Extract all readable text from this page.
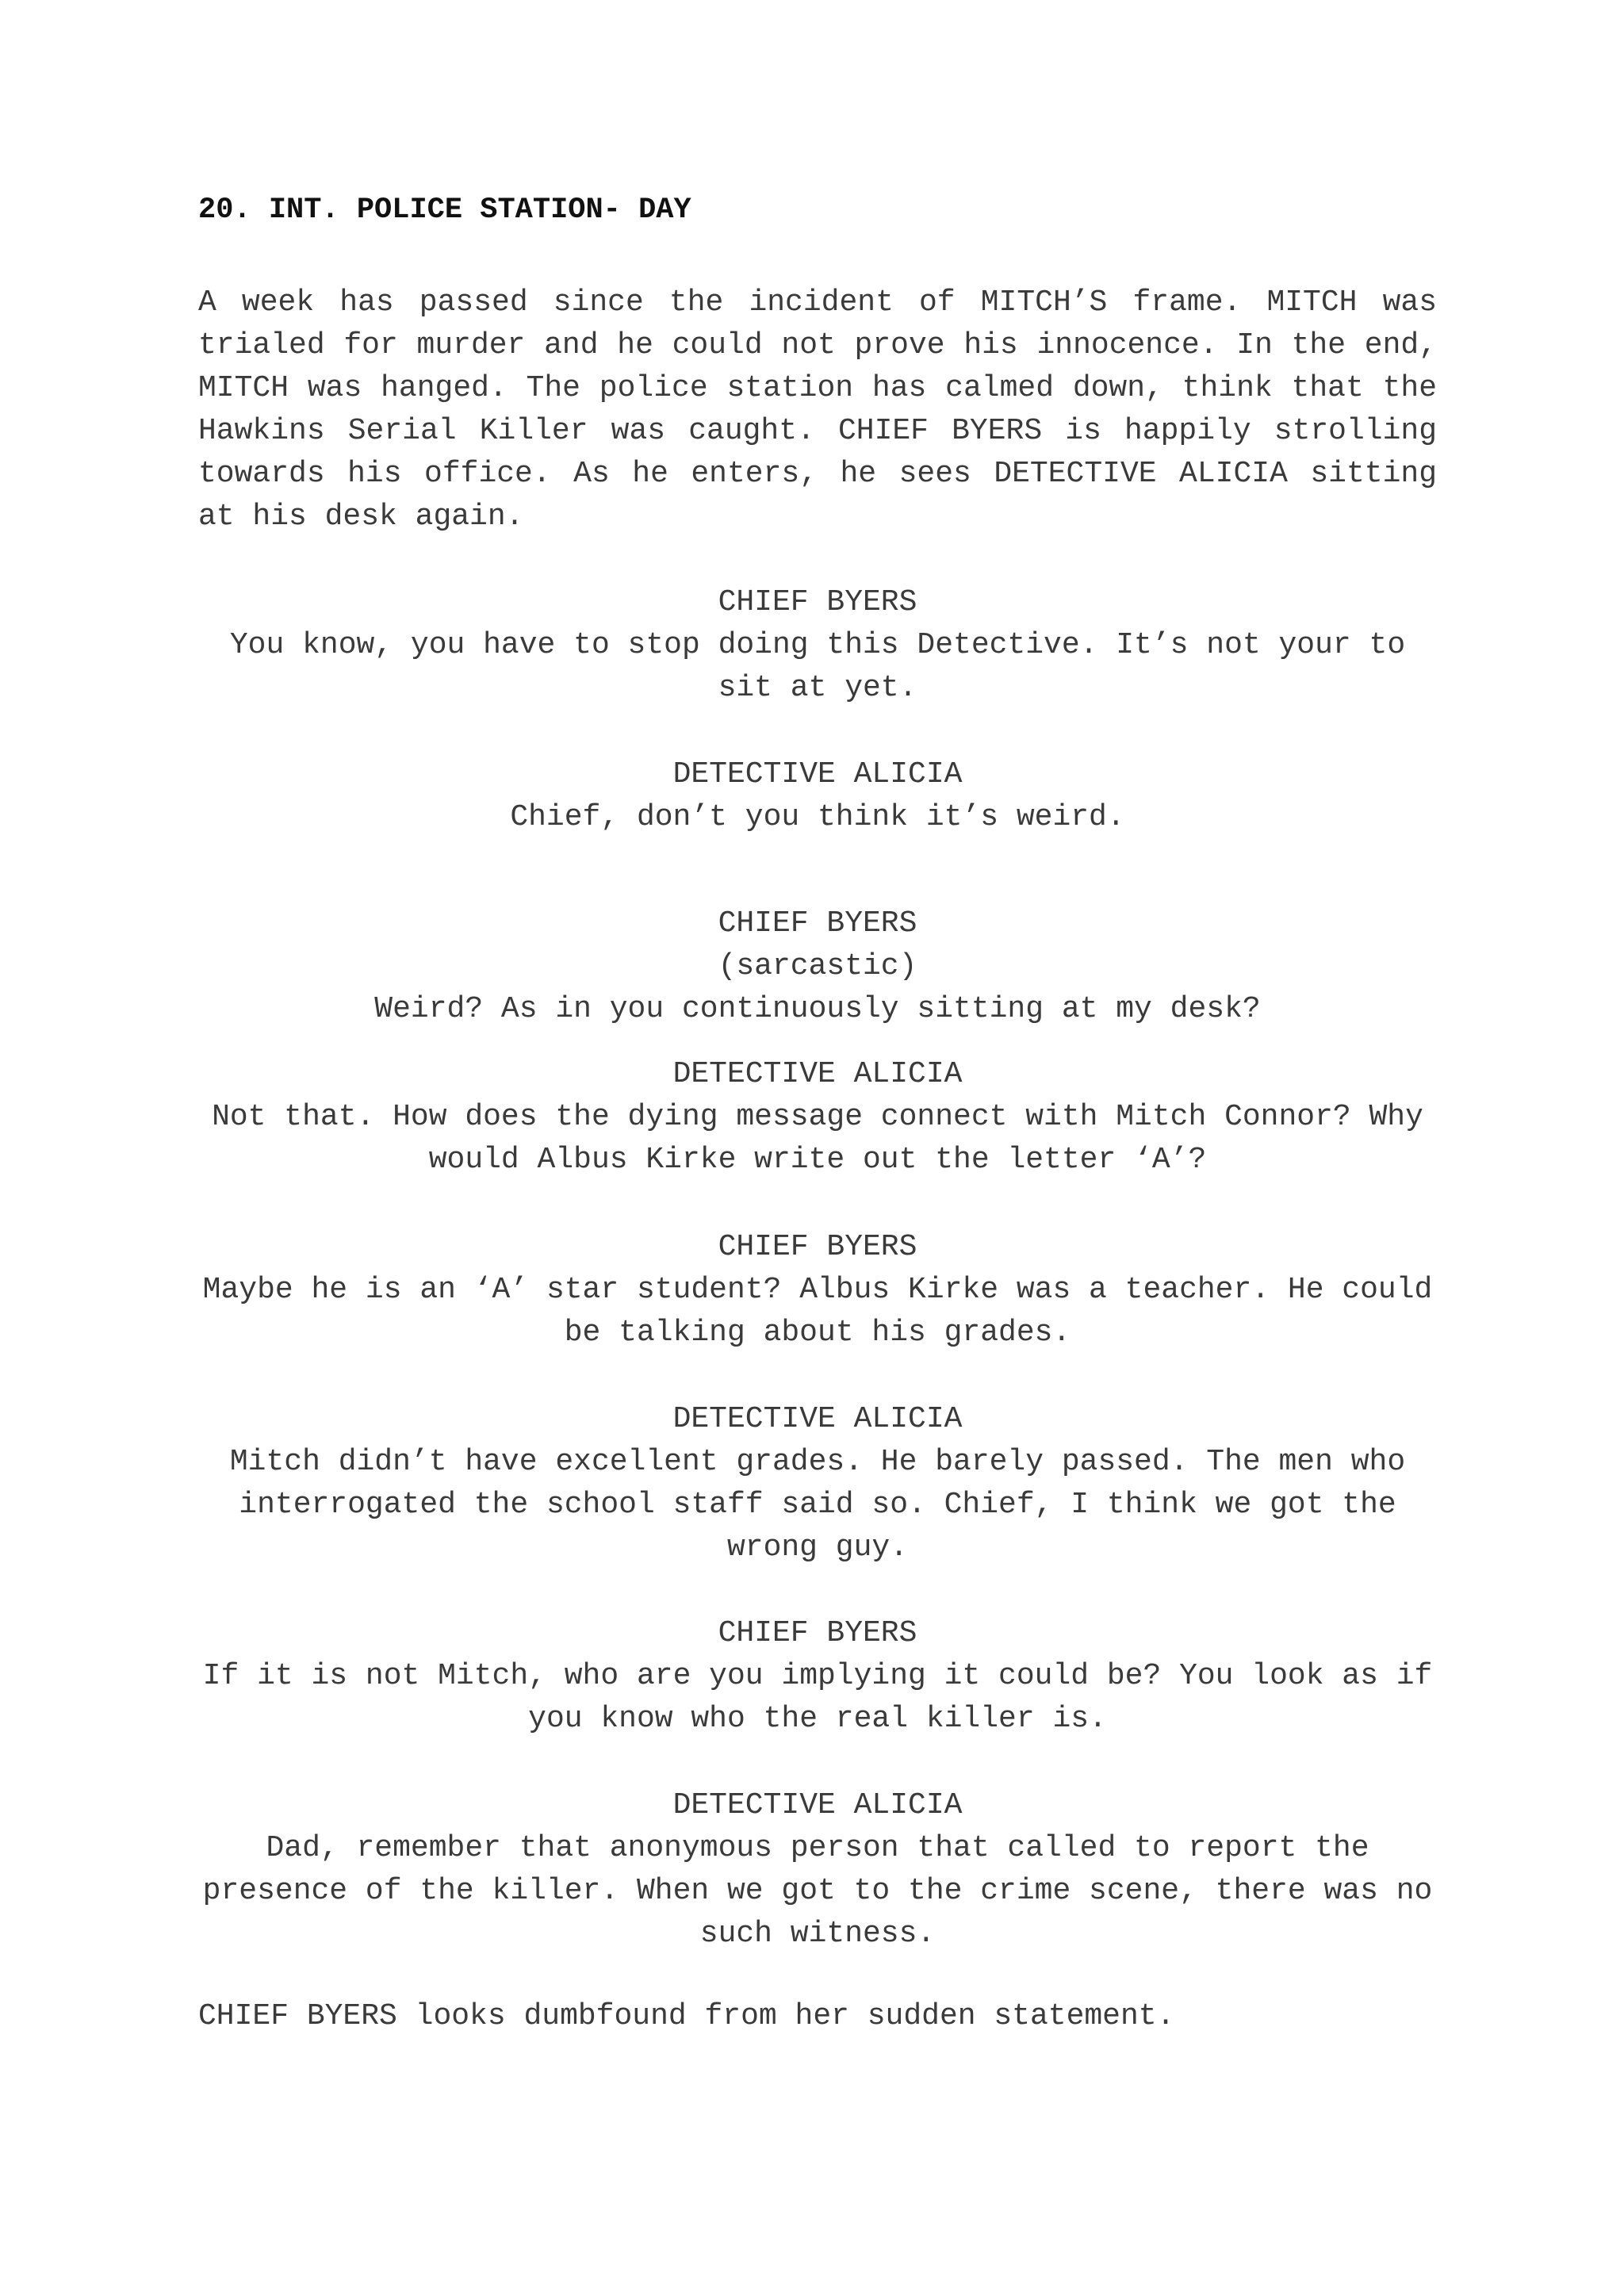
20. INT. POLICE STATION- DAY

A week has passed since the incident of MITCH’S frame. MITCH was trialed for murder and he could not prove his innocence. In the end, MITCH was hanged. The police station has calmed down, think that the Hawkins Serial Killer was caught. CHIEF BYERS is happily strolling towards his office. As he enters, he sees DETECTIVE ALICIA sitting at his desk again.

CHIEF BYERS

You know, you have to stop doing this Detective. It’s not your to sit at yet.

DETECTIVE ALICIA

Chief, don’t you think it’s weird.

CHIEF BYERS

(sarcastic)

Weird? As in you continuously sitting at my desk?

DETECTIVE ALICIA

Not that. How does the dying message connect with Mitch Connor? Why would Albus Kirke write out the letter ‘A’?

CHIEF BYERS

Maybe he is an ‘A’ star student? Albus Kirke was a teacher. He could be talking about his grades.

DETECTIVE ALICIA

Mitch didn’t have excellent grades. He barely passed. The men who interrogated the school staff said so. Chief, I think we got the wrong guy.

CHIEF BYERS

If it is not Mitch, who are you implying it could be? You look as if you know who the real killer is.

DETECTIVE ALICIA

Dad, remember that anonymous person that called to report the presence of the killer. When we got to the crime scene, there was no such witness.

CHIEF BYERS looks dumbfound from her sudden statement.
